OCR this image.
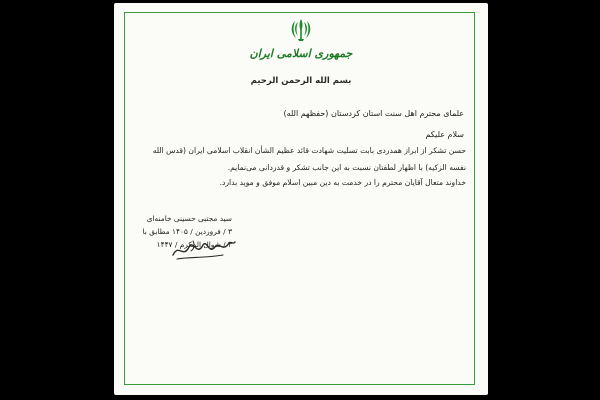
جمهوری اسلامی ایران
بسم الله الرحمن الرحیم
علمای محترم اهل سنت استان کردستان (حفظهم الله)
سلام علیکم
حسن تشکر از ابراز همدردی بابت تسلیت شهادت قائد عظیم الشأن انقلاب اسلامی ایران (قدس الله
نفسه الزکیه) با اظهار لطفتان نسبت به این جانب تشکر و قدردانی می‌نمایم.
خداوند متعال آقایان محترم را در خدمت به دین مبین اسلام موفق و موید بدارد.
سید مجتبی حسینی خامنه‌ای
۳ / فروردین / ۱۴۰۵ مطابق با
۴ / شوال المکرم / ۱۴۴۷
